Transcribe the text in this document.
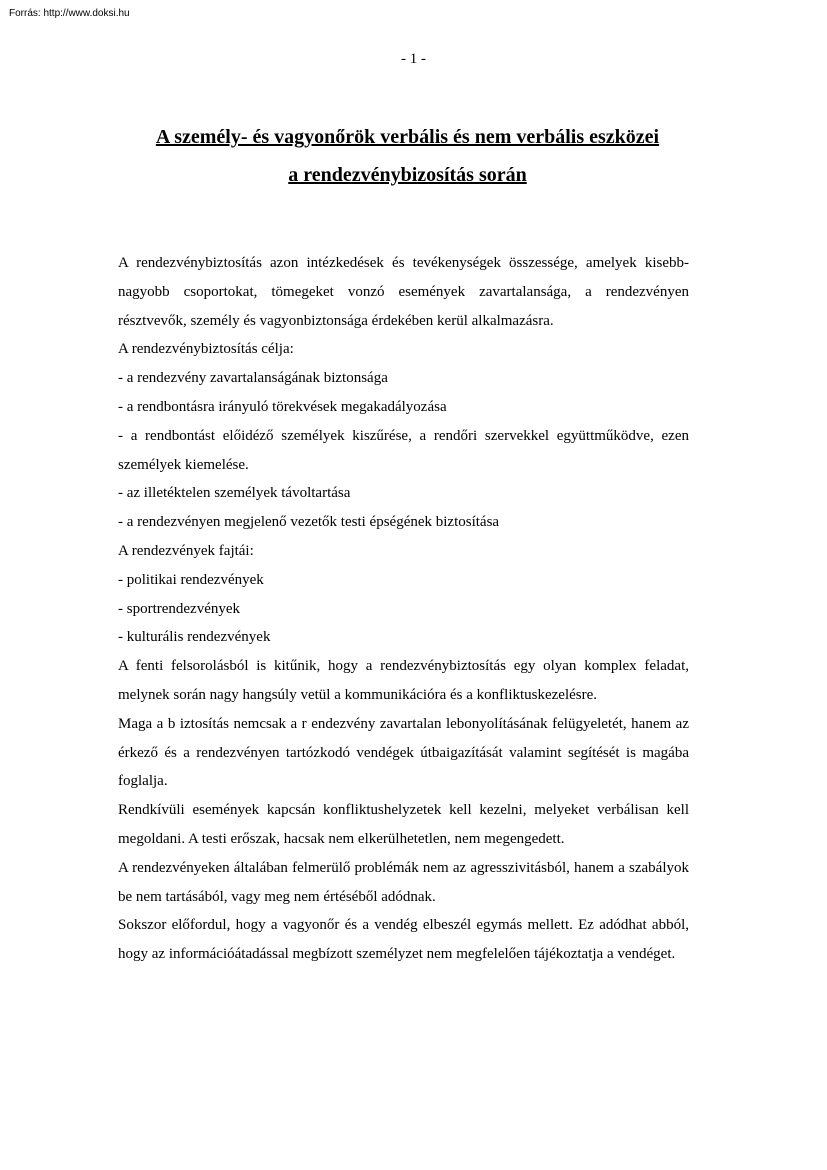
Forrás: http://www.doksi.hu
- 1 -
A személy- és vagyonőrök verbális és nem verbális eszközei
a rendezvénybizosítás során

A rendezvénybiztosítás azon intézkedések és tevékenységek összessége, amelyek kisebb-nagyobb csoportokat, tömegeket vonzó események zavartalansága, a rendezvényen résztvevők, személy és vagyonbiztonsága érdekében kerül alkalmazásra.

A rendezvénybiztosítás célja:

- a rendezvény zavartalanságának biztonsága

- a rendbontásra irányuló törekvések megakadályozása

- a rendbontást előidéző személyek kiszűrése, a rendőri szervekkel együttműködve, ezen személyek kiemelése.

- az illetéktelen személyek távoltartása

- a rendezvényen megjelenő vezetők testi épségének biztosítása

A rendezvények fajtái:

- politikai rendezvények

- sportrendezvények

- kulturális rendezvények

A fenti felsorolásból is kitűnik, hogy a rendezvénybiztosítás egy olyan komplex feladat, melynek során nagy hangsúly vetül a kommunikációra és a konfliktuskezelésre.

Maga a b iztosítás nemcsak a r endezvény zavartalan lebonyolításának felügyeletét, hanem az érkező és a rendezvényen tartózkodó vendégek útbaigazítását valamint segítését is magába foglalja.

Rendkívüli események kapcsán konfliktushelyzetek kell kezelni, melyeket verbálisan kell megoldani. A testi erőszak, hacsak nem elkerülhetetlen, nem megengedett.

A rendezvényeken általában felmerülő problémák nem az agresszivitásból, hanem a szabályok be nem tartásából, vagy meg nem értéséből adódnak.

Sokszor előfordul, hogy a vagyonőr és a vendég elbeszél egymás mellett. Ez adódhat abból, hogy az információátadással megbízott személyzet nem megfelelően tájékoztatja a vendéget.
